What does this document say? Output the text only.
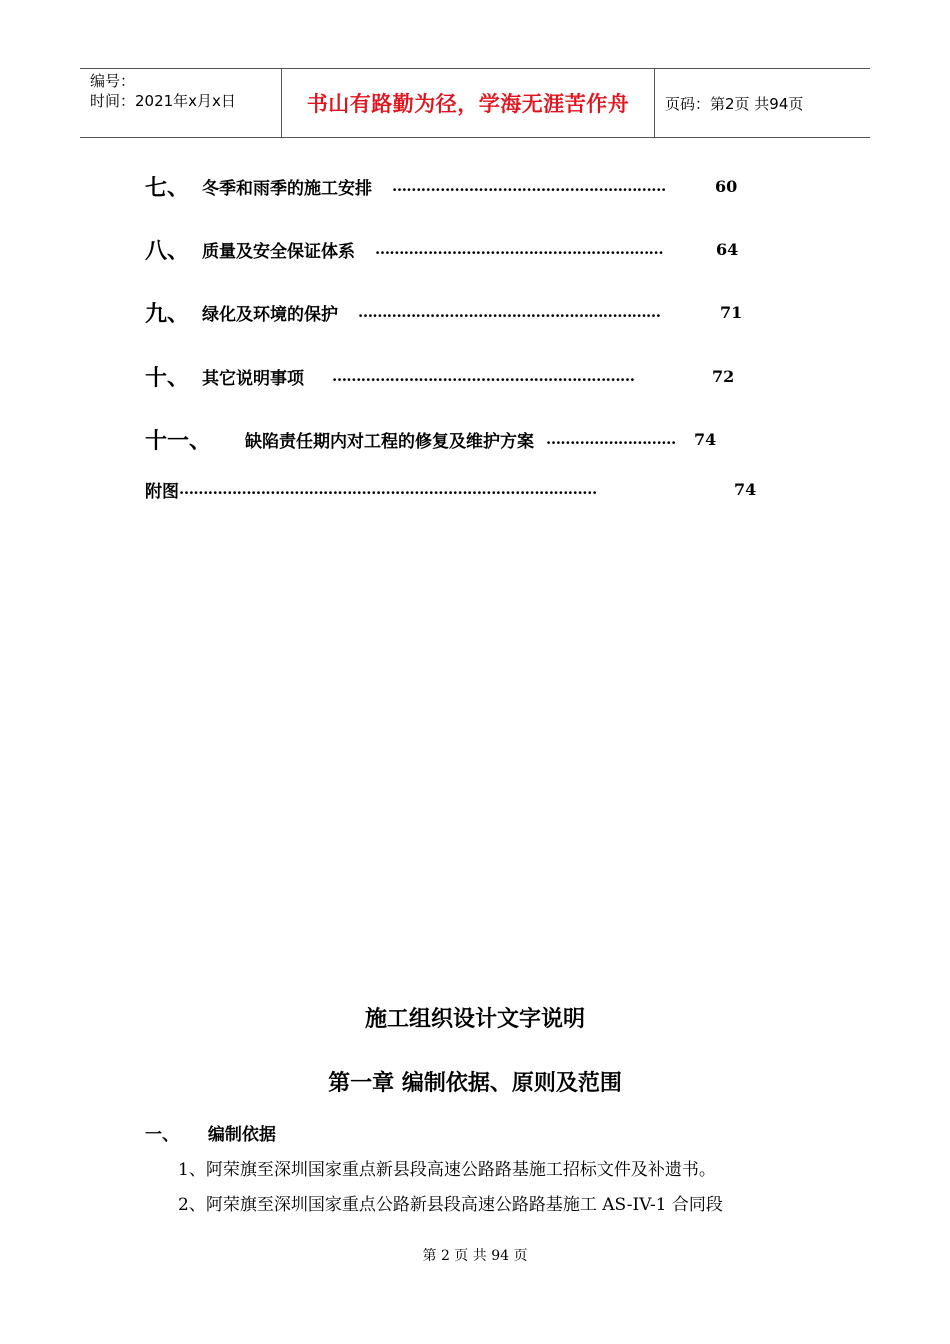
编号：
时间：2021年x月x日	书山有路勤为径，学海无涯苦作舟	页码：第2页 共94页
七、 冬季和雨季的施工安排 …………………………………………………	60
八、 质量及安全保证体系 ……………………………………………………	64
九、 绿化及环境的保护 ………………………………………………………	71
十、 其它说明事项 ………………………………………………………	72
十一、	缺陷责任期内对工程的修复及维护方案 ………………………	74
附图 ……………………………………………………………………………	74
施工组织设计文字说明
第一章 编制依据、原则及范围
一、 编制依据
1、阿荣旗至深圳国家重点新县段高速公路路基施工招标文件及补遗书。
2、阿荣旗至深圳国家重点公路新县段高速公路路基施工 AS-IV-1 合同段
第 2 页 共 94 页
